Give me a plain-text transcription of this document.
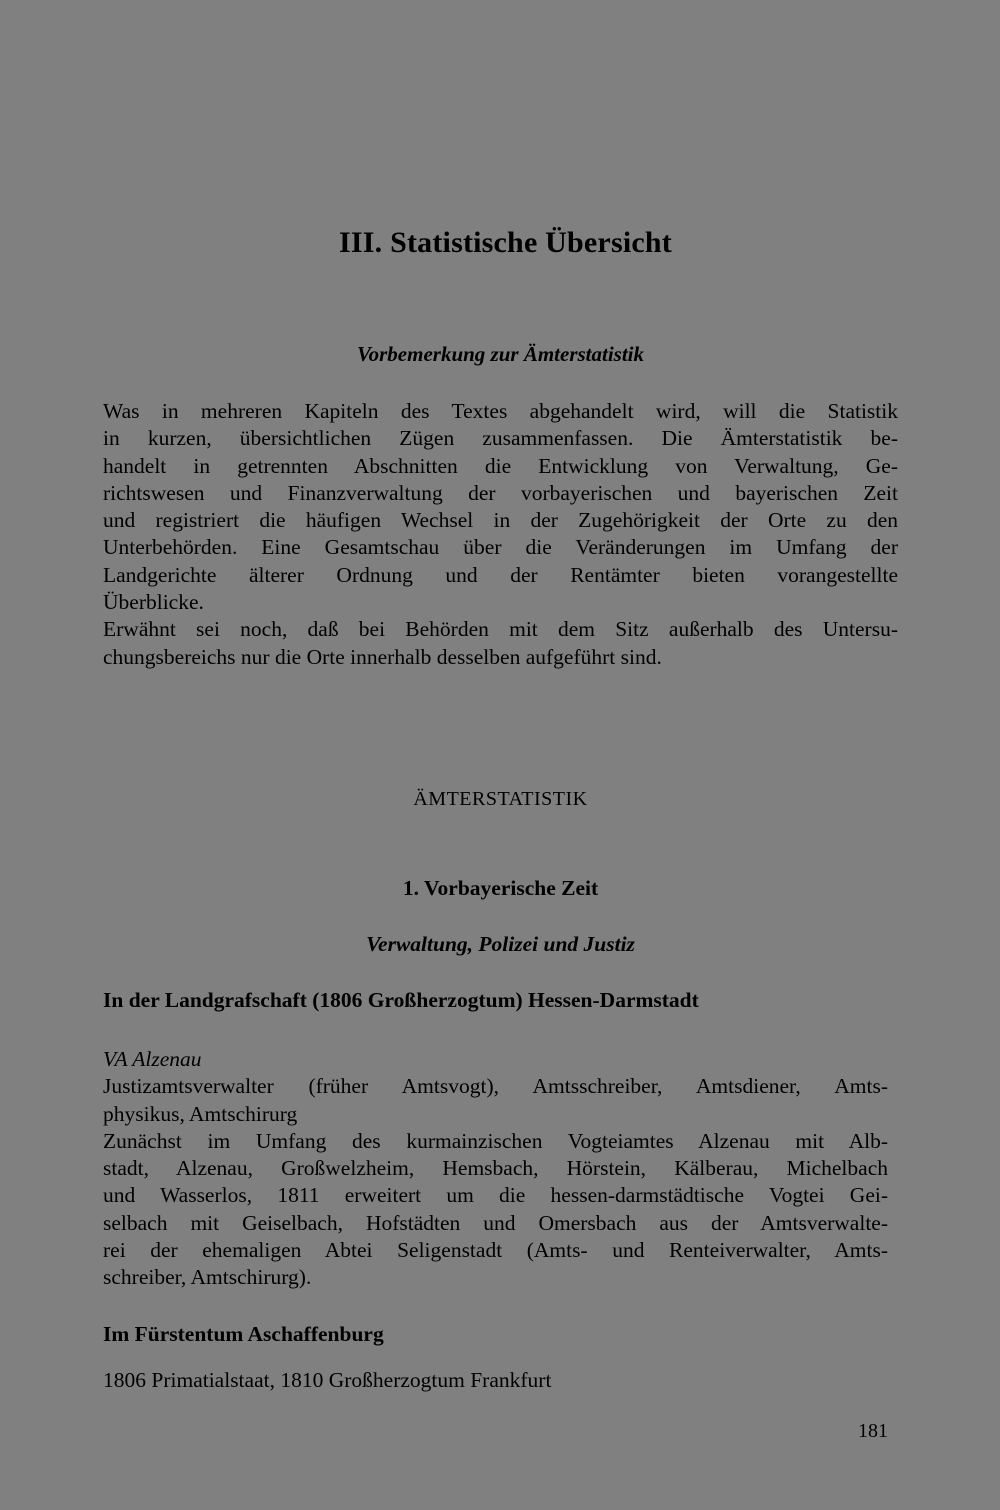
III. Statistische Übersicht
Vorbemerkung zur Ämterstatistik
Was in mehreren Kapiteln des Textes abgehandelt wird, will die Statistik
in kurzen, übersichtlichen Zügen zusammenfassen. Die Ämterstatistik be-
handelt in getrennten Abschnitten die Entwicklung von Verwaltung, Ge-
richtswesen und Finanzverwaltung der vorbayerischen und bayerischen Zeit
und registriert die häufigen Wechsel in der Zugehörigkeit der Orte zu den
Unterbehörden. Eine Gesamtschau über die Veränderungen im Umfang der
Landgerichte älterer Ordnung und der Rentämter bieten vorangestellte
Überblicke.
Erwähnt sei noch, daß bei Behörden mit dem Sitz außerhalb des Untersu-
chungsbereichs nur die Orte innerhalb desselben aufgeführt sind.
ÄMTERSTATISTIK
1. Vorbayerische Zeit
Verwaltung, Polizei und Justiz
In der Landgrafschaft (1806 Großherzogtum) Hessen-Darmstadt
VA Alzenau
Justizamtsverwalter (früher Amtsvogt), Amtsschreiber, Amtsdiener, Amts-
physikus, Amtschirurg
Zunächst im Umfang des kurmainzischen Vogteiamtes Alzenau mit Alb-
stadt, Alzenau, Großwelzheim, Hemsbach, Hörstein, Kälberau, Michelbach
und Wasserlos, 1811 erweitert um die hessen-darmstädtische Vogtei Gei-
selbach mit Geiselbach, Hofstädten und Omersbach aus der Amtsverwalte-
rei der ehemaligen Abtei Seligenstadt (Amts- und Renteiverwalter, Amts-
schreiber, Amtschirurg).
Im Fürstentum Aschaffenburg

1806 Primatialstaat, 1810 Großherzogtum Frankfurt

181
